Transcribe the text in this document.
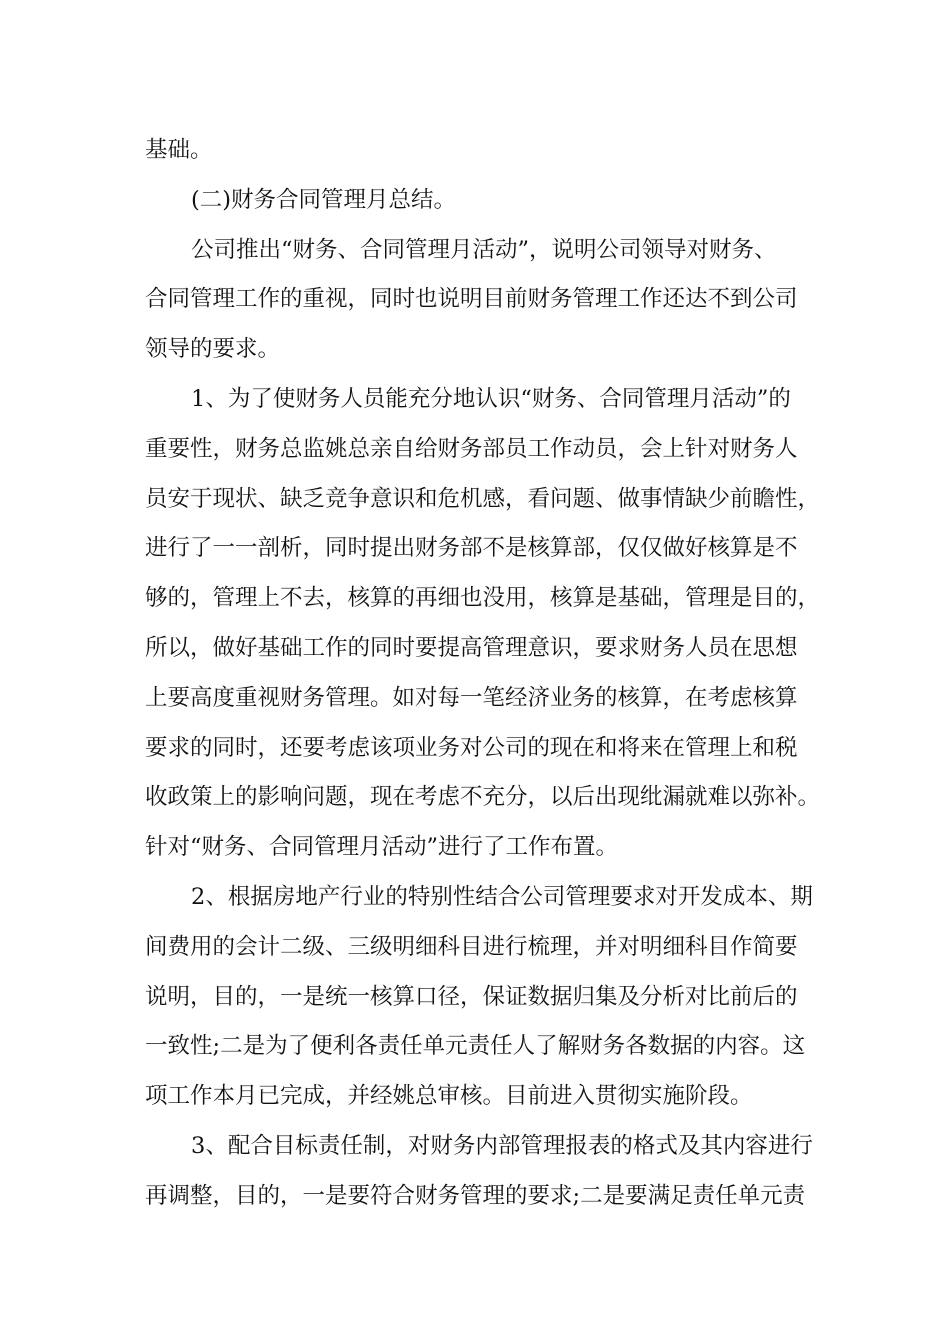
基础。
(二)财务合同管理月总结。
公司推出“财务、合同管理月活动”，说明公司领导对财务、
合同管理工作的重视，同时也说明目前财务管理工作还达不到公司
领导的要求。
1、为了使财务人员能充分地认识“财务、合同管理月活动”的
重要性，财务总监姚总亲自给财务部员工作动员，会上针对财务人
员安于现状、缺乏竞争意识和危机感，看问题、做事情缺少前瞻性，
进行了一一剖析，同时提出财务部不是核算部，仅仅做好核算是不
够的，管理上不去，核算的再细也没用，核算是基础，管理是目的，
所以，做好基础工作的同时要提高管理意识，要求财务人员在思想
上要高度重视财务管理。如对每一笔经济业务的核算，在考虑核算
要求的同时，还要考虑该项业务对公司的现在和将来在管理上和税
收政策上的影响问题，现在考虑不充分，以后出现纰漏就难以弥补。
针对“财务、合同管理月活动”进行了工作布置。
2、根据房地产行业的特别性结合公司管理要求对开发成本、期
间费用的会计二级、三级明细科目进行梳理，并对明细科目作简要
说明，目的，一是统一核算口径，保证数据归集及分析对比前后的
一致性;二是为了便利各责任单元责任人了解财务各数据的内容。这
项工作本月已完成，并经姚总审核。目前进入贯彻实施阶段。
3、配合目标责任制，对财务内部管理报表的格式及其内容进行
再调整，目的，一是要符合财务管理的要求;二是要满足责任单元责
